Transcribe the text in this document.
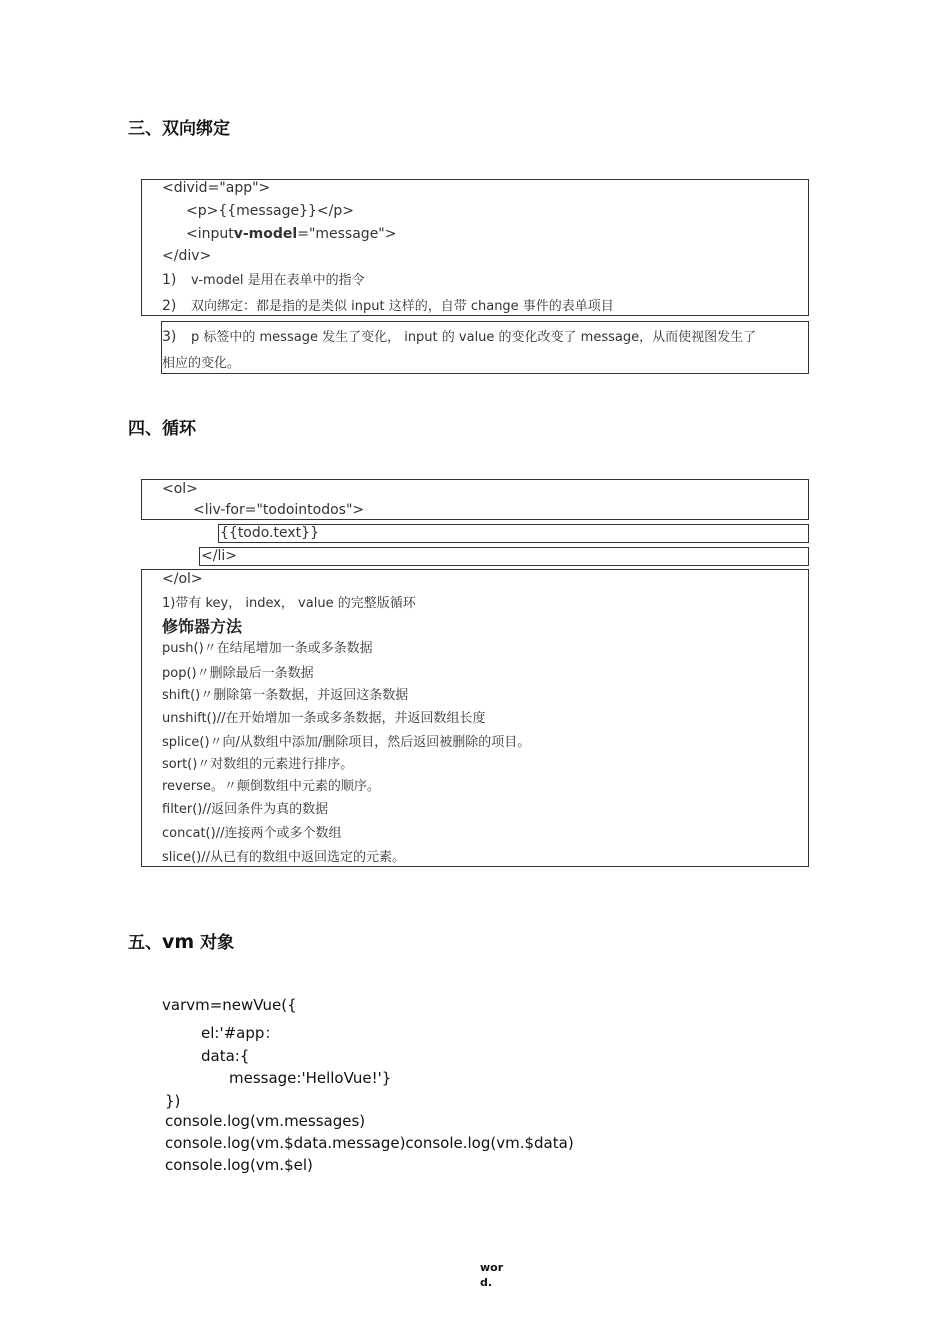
三、双向绑定
<divid="app">
<p>{{message}}</p>
<inputv-model="message">
</div>
1) v-model 是用在表单中的指令
2) 双向绑定：都是指的是类似 input 这样的，自带 change 事件的表单项目
3) p 标签中的 message 发生了变化， input 的 value 的变化改变了 message，从而使视图发生了
相应的变化。
四、循环
<ol>
<liv-for="todointodos">
{{todo.text}}
</li>
</ol>
1)带有 key， index， value 的完整版循环
修饰器方法
push()〃在结尾增加一条或多条数据
pop()〃删除最后一条数据
shift()〃删除第一条数据，并返回这条数据
unshift()//在开始增加一条或多条数据，并返回数组长度
splice()〃向/从数组中添加/删除项目，然后返回被删除的项目。
sort()〃对数组的元素进行排序。
reverse。〃颠倒数组中元素的顺序。
filter()//返回条件为真的数据
concat()//连接两个或多个数组
slice()//从已有的数组中返回选定的元素。
五、vm 对象
varvm=newVue({
el:'#app：
data:{
message:'HelloVue!'}
})
console.log(vm.messages)
console.log(vm.$data.message)console.log(vm.$data)
console.log(vm.$el)
wor
d.
